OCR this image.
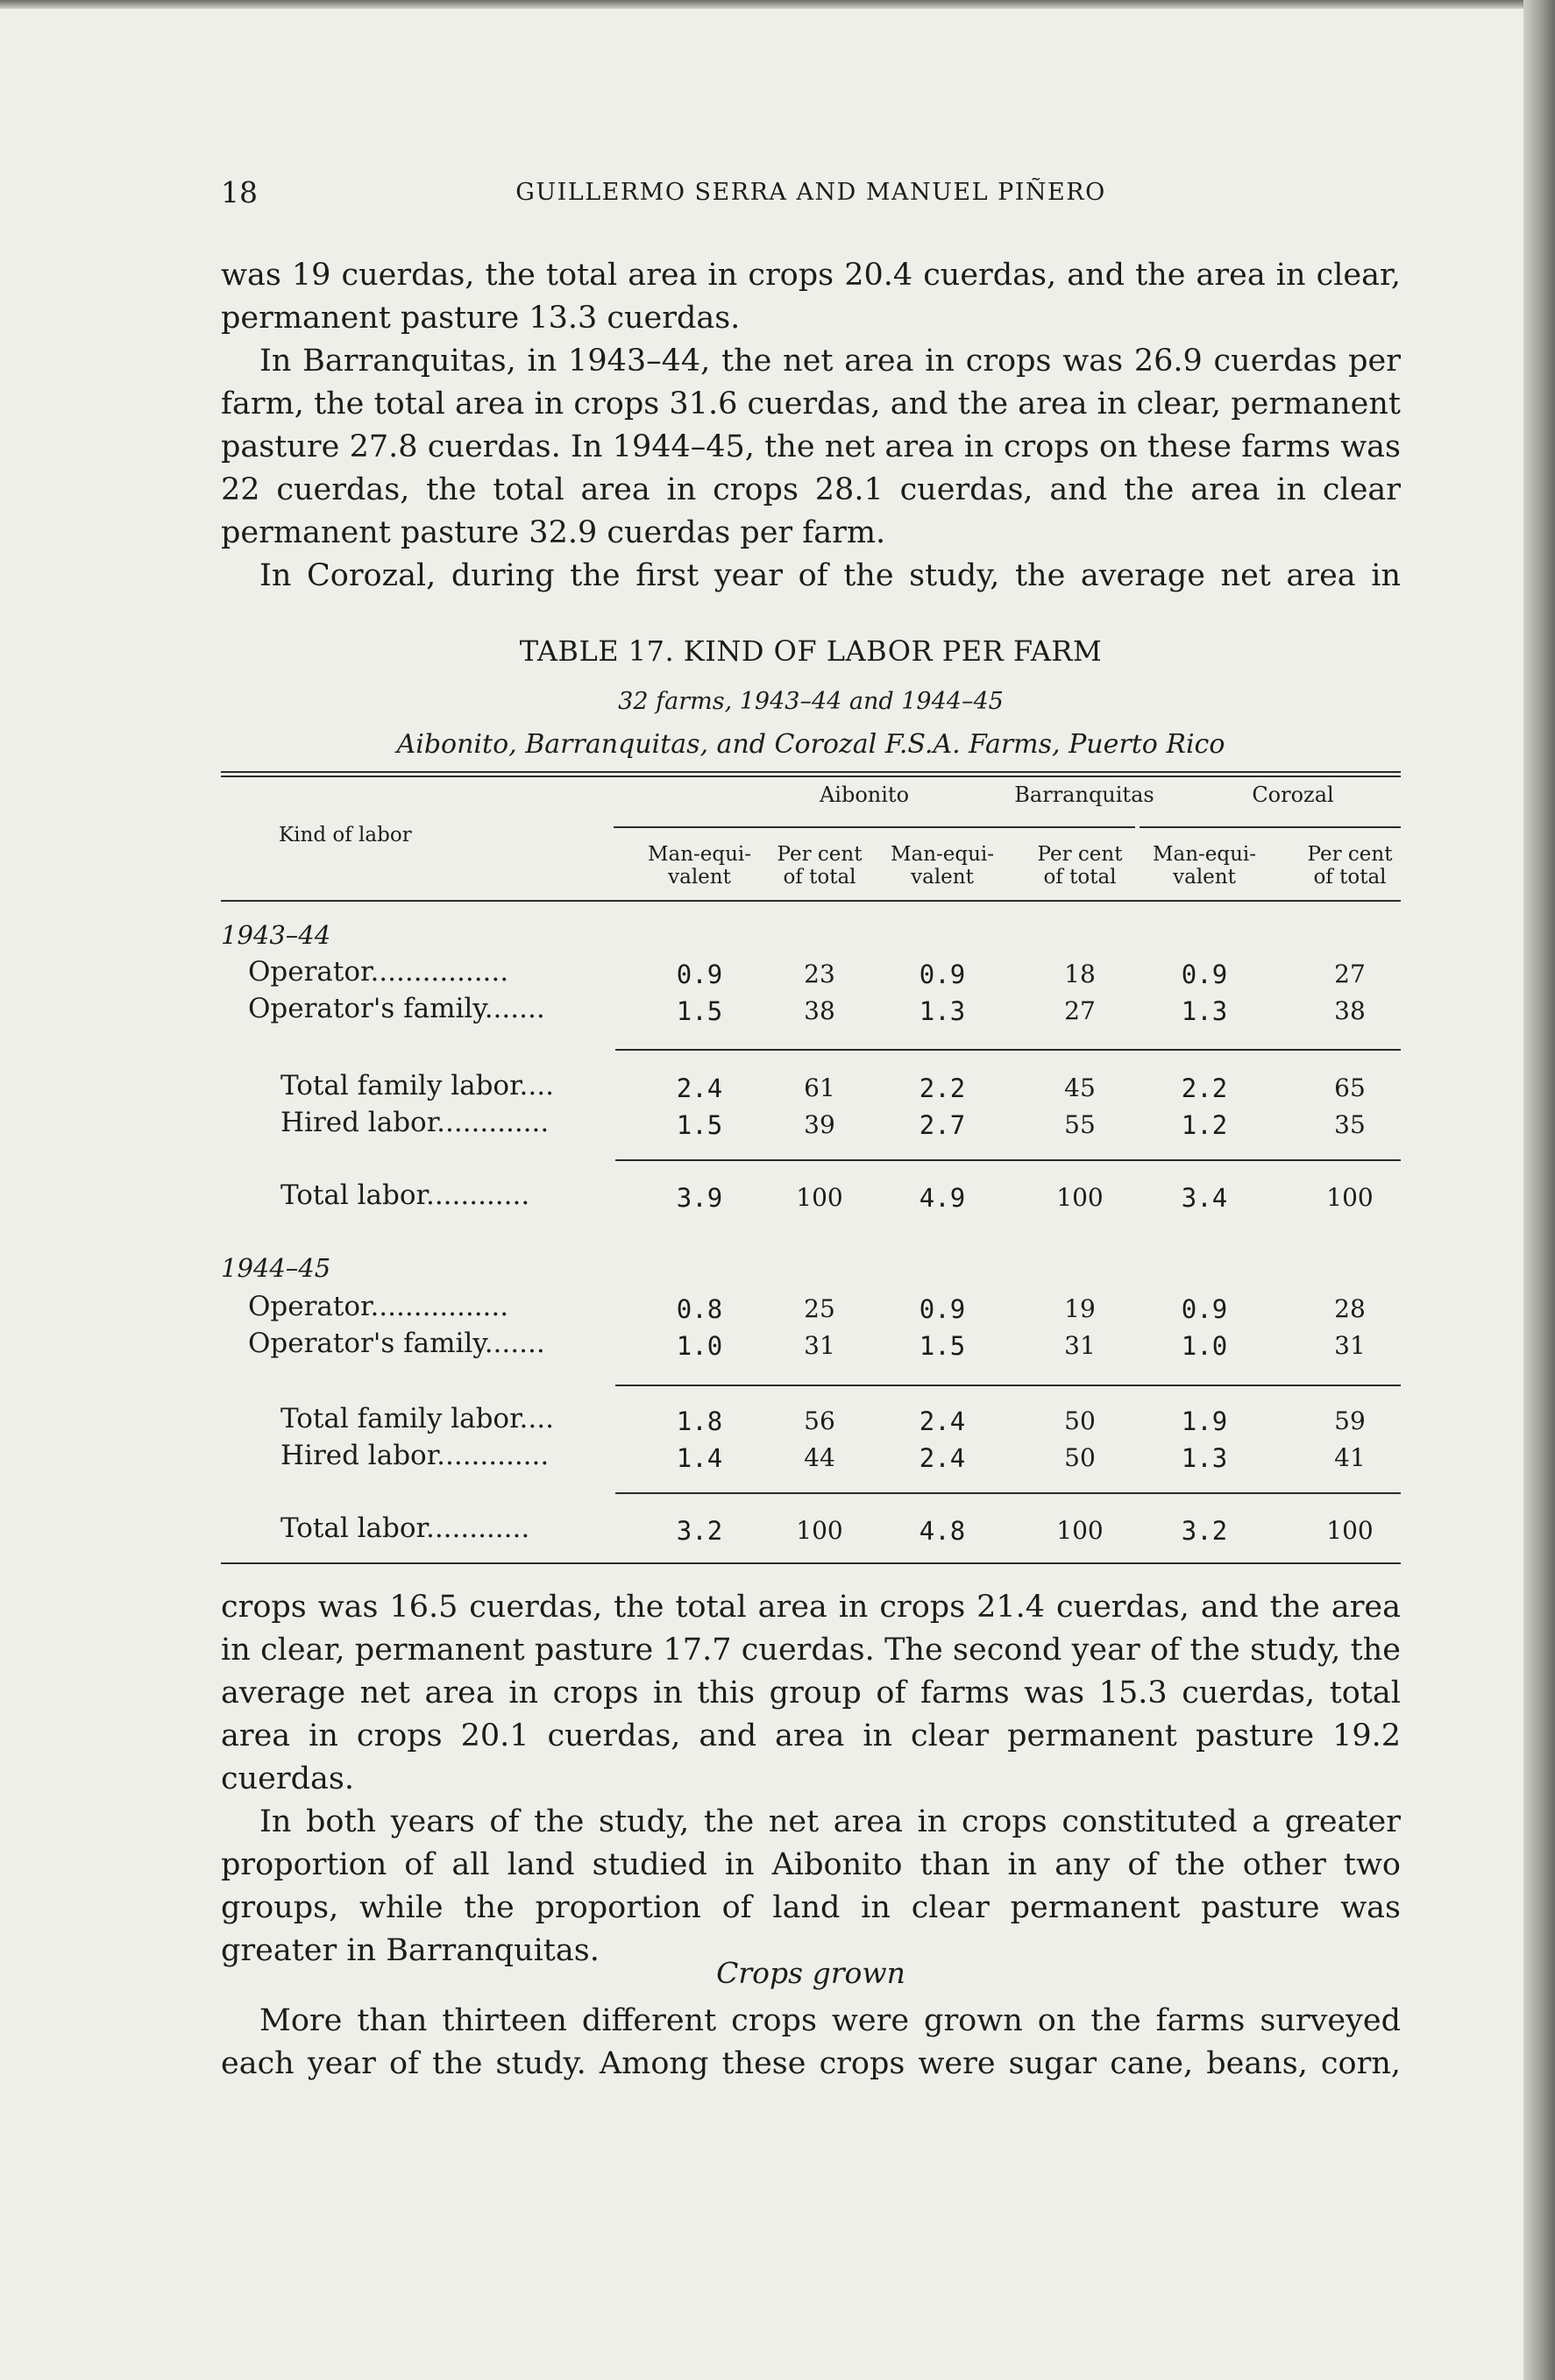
18	GUILLERMO SERRA AND MANUEL PIÑERO

was 19 cuerdas, the total area in crops 20.4 cuerdas, and the area in clear, permanent pasture 13.3 cuerdas.

In Barranquitas, in 1943–44, the net area in crops was 26.9 cuerdas per farm, the total area in crops 31.6 cuerdas, and the area in clear, permanent pasture 27.8 cuerdas. In 1944–45, the net area in crops on these farms was 22 cuerdas, the total area in crops 28.1 cuerdas, and the area in clear permanent pasture 32.9 cuerdas per farm.

In Corozal, during the first year of the study, the average net area in

TABLE 17. KIND OF LABOR PER FARM
32 farms, 1943–44 and 1944–45
Aibonito, Barranquitas, and Corozal F.S.A. Farms, Puerto Rico
Aibonito	Barranquitas	Corozal
Kind of labor
Man-equi-
valent
Per cent
of total
Man-equi-
valent
Per cent
of total
Man-equi-
valent
Per cent
of total
1943–44
Operator................	0.9	23	0.9	18	0.9	27
Operator's family.......	1.5	38	1.3	27	1.3	38
Total family labor....	2.4	61	2.2	45	2.2	65
Hired labor.............	1.5	39	2.7	55	1.2	35
Total labor............	3.9	100	4.9	100	3.4	100
1944–45
Operator................	0.8	25	0.9	19	0.9	28
Operator's family.......	1.0	31	1.5	31	1.0	31
Total family labor....	1.8	56	2.4	50	1.9	59
Hired labor.............	1.4	44	2.4	50	1.3	41
Total labor............	3.2	100	4.8	100	3.2	100

crops was 16.5 cuerdas, the total area in crops 21.4 cuerdas, and the area in clear, permanent pasture 17.7 cuerdas. The second year of the study, the average net area in crops in this group of farms was 15.3 cuerdas, total area in crops 20.1 cuerdas, and area in clear permanent pasture 19.2 cuerdas.

In both years of the study, the net area in crops constituted a greater proportion of all land studied in Aibonito than in any of the other two groups, while the proportion of land in clear permanent pasture was greater in Barranquitas.

Crops grown

More than thirteen different crops were grown on the farms surveyed each year of the study. Among these crops were sugar cane, beans, corn,
